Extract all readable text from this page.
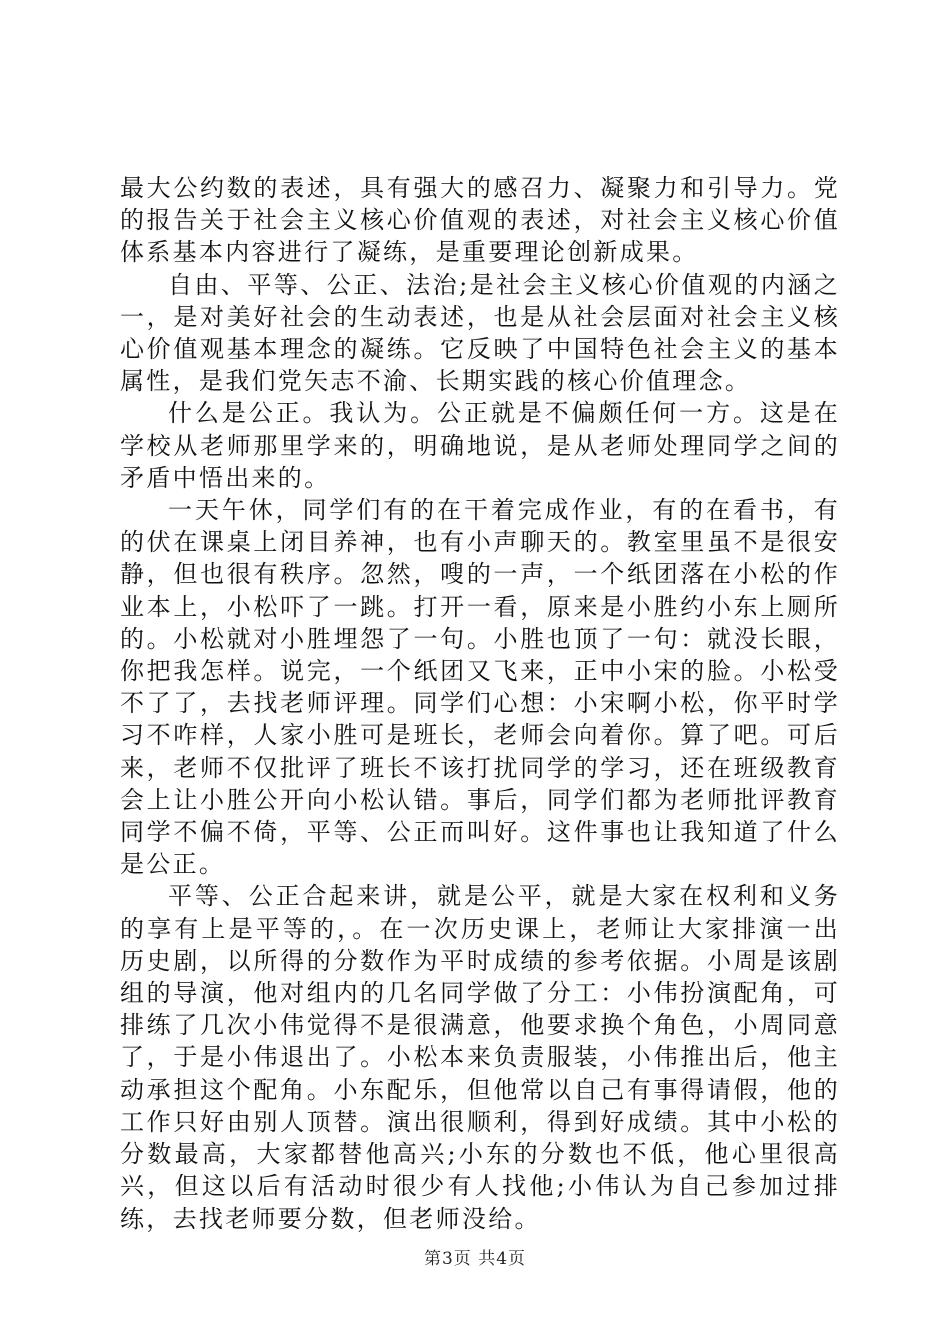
最大公约数的表述，具有强大的感召力、凝聚力和引导力。党的报告关于社会主义核心价值观的表述，对社会主义核心价值体系基本内容进行了凝练，是重要理论创新成果。

自由、平等、公正、法治;是社会主义核心价值观的内涵之一，是对美好社会的生动表述，也是从社会层面对社会主义核心价值观基本理念的凝练。它反映了中国特色社会主义的基本属性，是我们党矢志不渝、长期实践的核心价值理念。

什么是公正。我认为。公正就是不偏颇任何一方。这是在学校从老师那里学来的，明确地说，是从老师处理同学之间的矛盾中悟出来的。

一天午休，同学们有的在干着完成作业，有的在看书，有的伏在课桌上闭目养神，也有小声聊天的。教室里虽不是很安静，但也很有秩序。忽然，嗖的一声，一个纸团落在小松的作业本上，小松吓了一跳。打开一看，原来是小胜约小东上厕所的。小松就对小胜埋怨了一句。小胜也顶了一句：就没长眼，你把我怎样。说完，一个纸团又飞来，正中小宋的脸。小松受不了了，去找老师评理。同学们心想：小宋啊小松，你平时学习不咋样，人家小胜可是班长，老师会向着你。算了吧。可后来，老师不仅批评了班长不该打扰同学的学习，还在班级教育会上让小胜公开向小松认错。事后，同学们都为老师批评教育同学不偏不倚，平等、公正而叫好。这件事也让我知道了什么是公正。

平等、公正合起来讲，就是公平，就是大家在权利和义务的享有上是平等的，。在一次历史课上，老师让大家排演一出历史剧，以所得的分数作为平时成绩的参考依据。小周是该剧组的导演，他对组内的几名同学做了分工：小伟扮演配角，可排练了几次小伟觉得不是很满意，他要求换个角色，小周同意了，于是小伟退出了。小松本来负责服装，小伟推出后，他主动承担这个配角。小东配乐，但他常以自己有事得请假，他的工作只好由别人顶替。演出很顺利，得到好成绩。其中小松的分数最高，大家都替他高兴;小东的分数也不低，他心里很高兴，但这以后有活动时很少有人找他;小伟认为自己参加过排练，去找老师要分数，但老师没给。

第3页 共4页
